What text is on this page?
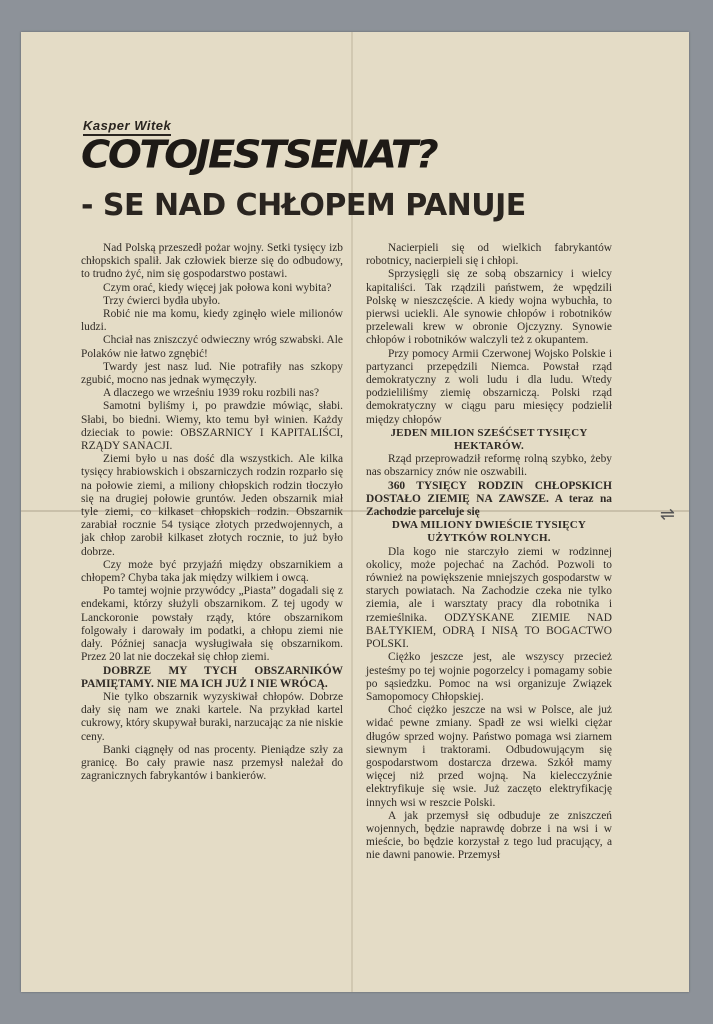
Kasper Witek
COTOJESTSENAT?
- SE NAD CHŁOPEM PANUJE

Nad Polską przeszedł pożar wojny. Setki tysięcy izb chłopskich spalił. Jak człowiek bierze się do odbudowy, to trudno żyć, nim się gospodarstwo postawi.

Czym orać, kiedy więcej jak połowa koni wybita?

Trzy ćwierci bydła ubyło.

Robić nie ma komu, kiedy zginęło wiele milionów ludzi.

Chciał nas zniszczyć odwieczny wróg szwabski. Ale Polaków nie łatwo zgnębić!

Twardy jest nasz lud. Nie potrafiły nas szkopy zgubić, mocno nas jednak wymęczyły.

A dlaczego we wrześniu 1939 roku rozbili nas?

Samotni byliśmy i, po prawdzie mówiąc, słabi. Słabi, bo biedni. Wiemy, kto temu był winien. Każdy dzieciak to powie: OBSZARNICY I KAPITALIŚCI, RZĄDY SANACJI.

Ziemi było u nas dość dla wszystkich. Ale kilka tysięcy hrabiowskich i obszarniczych rodzin rozparło się na połowie ziemi, a miliony chłopskich rodzin tłoczyło się na drugiej połowie gruntów. Jeden obszarnik miał tyle ziemi, co kilkaset chłopskich rodzin. Obszarnik zarabiał rocznie 54 tysiące złotych przedwojennych, a jak chłop zarobił kilkaset złotych rocznie, to już było dobrze.

Czy może być przyjaźń między obszarnikiem a chłopem? Chyba taka jak między wilkiem i owcą.

Po tamtej wojnie przywódcy „Piasta” dogadali się z endekami, którzy służyli obszarnikom. Z tej ugody w Lanckoronie powstały rządy, które obszarnikom folgowały i darowały im podatki, a chłopu ziemi nie dały. Później sanacja wysługiwała się obszarnikom. Przez 20 lat nie doczekał się chłop ziemi.

DOBRZE MY TYCH OBSZARNIKÓW PAMIĘTAMY. NIE MA ICH JUŻ I NIE WRÓCĄ.

Nie tylko obszarnik wyzyskiwał chłopów. Dobrze dały się nam we znaki kartele. Na przykład kartel cukrowy, który skupywał buraki, narzucając za nie niskie ceny.

Banki ciągnęły od nas procenty. Pieniądze szły za granicę. Bo cały prawie nasz przemysł należał do zagranicznych fabrykantów i bankierów.

Nacierpieli się od wielkich fabrykantów robotnicy, nacierpieli się i chłopi.

Sprzysięgli się ze sobą obszarnicy i wielcy kapitaliści. Tak rządzili państwem, że wpędzili Polskę w nieszczęście. A kiedy wojna wybuchła, to pierwsi uciekli. Ale synowie chłopów i robotników przelewali krew w obronie Ojczyzny. Synowie chłopów i robotników walczyli też z okupantem.

Przy pomocy Armii Czerwonej Wojsko Polskie i partyzanci przepędzili Niemca. Powstał rząd demokratyczny z woli ludu i dla ludu. Wtedy podzieliliśmy ziemię obszarniczą. Polski rząd demokratyczny w ciągu paru miesięcy podzielił między chłopów

JEDEN MILION SZEŚĆSET TYSIĘCY HEKTARÓW.

Rząd przeprowadził reformę rolną szybko, żeby nas obszarnicy znów nie oszwabili.

360 TYSIĘCY RODZIN CHŁOPSKICH DOSTAŁO ZIEMIĘ NA ZAWSZE. A teraz na Zachodzie parceluje się

DWA MILIONY DWIEŚCIE TYSIĘCY UŻYTKÓW ROLNYCH.

Dla kogo nie starczyło ziemi w rodzinnej okolicy, może pojechać na Zachód. Pozwoli to również na powiększenie mniejszych gospodarstw w starych powiatach. Na Zachodzie czeka nie tylko ziemia, ale i warsztaty pracy dla robotnika i rzemieślnika. ODZYSKANE ZIEMIE NAD BAŁTYKIEM, ODRĄ I NISĄ TO BOGACTWO POLSKI.

Ciężko jeszcze jest, ale wszyscy przecież jesteśmy po tej wojnie pogorzelcy i pomagamy sobie po sąsiedzku. Pomoc na wsi organizuje Związek Samopomocy Chłopskiej.

Choć ciężko jeszcze na wsi w Polsce, ale już widać pewne zmiany. Spadł ze wsi wielki ciężar długów sprzed wojny. Państwo pomaga wsi ziarnem siewnym i traktorami. Odbudowującym się gospodarstwom dostarcza drzewa. Szkół mamy więcej niż przed wojną. Na kielecczyźnie elektryfikuje się wsie. Już zaczęto elektryfikację innych wsi w reszcie Polski.

A jak przemysł się odbuduje ze zniszczeń wojennych, będzie naprawdę dobrze i na wsi i w mieście, bo będzie korzystał z tego lud pracujący, a nie dawni panowie. Przemysł

⇌
